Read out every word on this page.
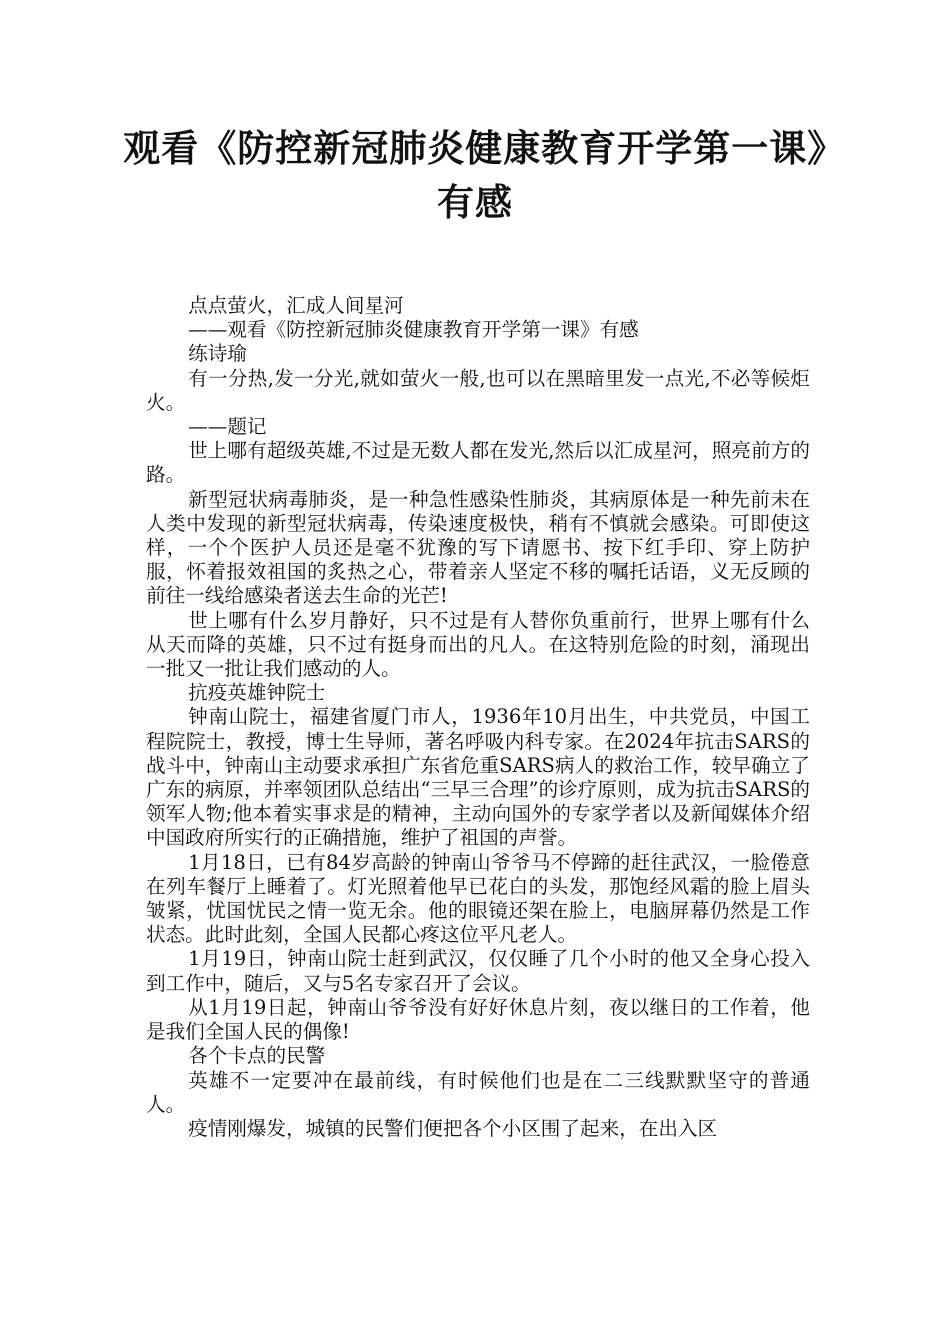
观看《防控新冠肺炎健康教育开学第一课》有感

点点萤火，汇成人间星河

——观看《防控新冠肺炎健康教育开学第一课》有感

练诗瑜

有一分热,发一分光,就如萤火一般,也可以在黑暗里发一点光,不必等候炬火。

——题记

世上哪有超级英雄,不过是无数人都在发光,然后以汇成星河，照亮前方的路。

新型冠状病毒肺炎，是一种急性感染性肺炎，其病原体是一种先前未在人类中发现的新型冠状病毒，传染速度极快，稍有不慎就会感染。可即使这样，一个个医护人员还是毫不犹豫的写下请愿书、按下红手印、穿上防护服，怀着报效祖国的炙热之心，带着亲人坚定不移的嘱托话语，义无反顾的前往一线给感染者送去生命的光芒!

世上哪有什么岁月静好，只不过是有人替你负重前行，世界上哪有什么从天而降的英雄，只不过有挺身而出的凡人。在这特别危险的时刻，涌现出一批又一批让我们感动的人。

抗疫英雄钟院士

钟南山院士，福建省厦门市人，1936年10月出生，中共党员，中国工程院院士，教授，博士生导师，著名呼吸内科专家。在2024年抗击SARS的战斗中，钟南山主动要求承担广东省危重SARS病人的救治工作，较早确立了广东的病原，并率领团队总结出“三早三合理”的诊疗原则，成为抗击SARS的领军人物;他本着实事求是的精神，主动向国外的专家学者以及新闻媒体介绍中国政府所实行的正确措施，维护了祖国的声誉。

1月18日，已有84岁高龄的钟南山爷爷马不停蹄的赶往武汉，一脸倦意在列车餐厅上睡着了。灯光照着他早已花白的头发，那饱经风霜的脸上眉头皱紧，忧国忧民之情一览无余。他的眼镜还架在脸上，电脑屏幕仍然是工作状态。此时此刻，全国人民都心疼这位平凡老人。

1月19日，钟南山院士赶到武汉，仅仅睡了几个小时的他又全身心投入到工作中，随后，又与5名专家召开了会议。

从1月19日起，钟南山爷爷没有好好休息片刻，夜以继日的工作着，他是我们全国人民的偶像!

各个卡点的民警

英雄不一定要冲在最前线，有时候他们也是在二三线默默坚守的普通人。

疫情刚爆发，城镇的民警们便把各个小区围了起来，在出入区
